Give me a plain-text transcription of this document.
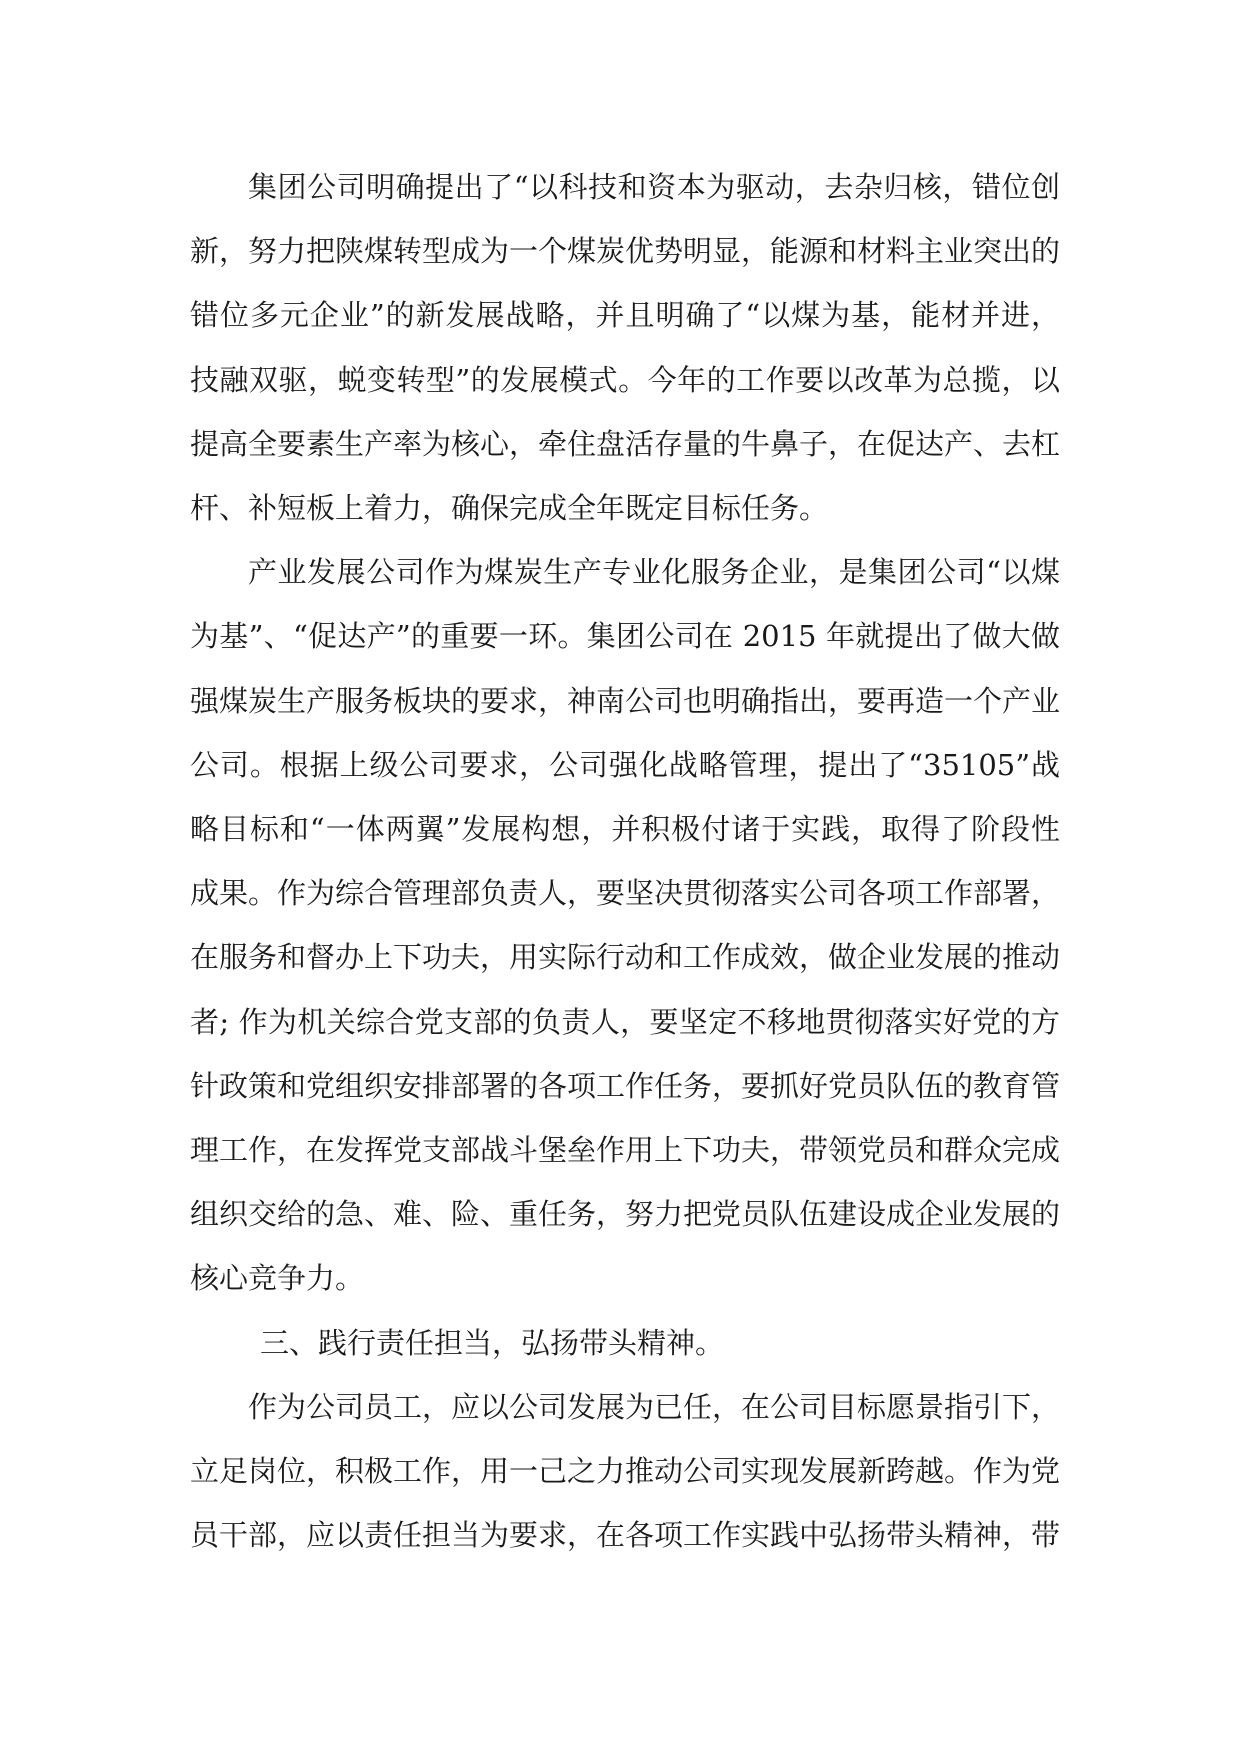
集团公司明确提出了“以科技和资本为驱动，去杂归核，错位创新，努力把陕煤转型成为一个煤炭优势明显，能源和材料主业突出的错位多元企业”的新发展战略，并且明确了“以煤为基，能材并进，技融双驱，蜕变转型”的发展模式。今年的工作要以改革为总揽，以提高全要素生产率为核心，牵住盘活存量的牛鼻子，在促达产、去杠杆、补短板上着力，确保完成全年既定目标任务。

产业发展公司作为煤炭生产专业化服务企业，是集团公司“以煤为基”、“促达产”的重要一环。集团公司在 2015 年就提出了做大做强煤炭生产服务板块的要求，神南公司也明确指出，要再造一个产业公司。根据上级公司要求，公司强化战略管理，提出了“35105”战略目标和“一体两翼”发展构想，并积极付诸于实践，取得了阶段性成果。作为综合管理部负责人，要坚决贯彻落实公司各项工作部署，在服务和督办上下功夫，用实际行动和工作成效，做企业发展的推动者; 作为机关综合党支部的负责人，要坚定不移地贯彻落实好党的方针政策和党组织安排部署的各项工作任务，要抓好党员队伍的教育管理工作，在发挥党支部战斗堡垒作用上下功夫，带领党员和群众完成组织交给的急、难、险、重任务，努力把党员队伍建设成企业发展的核心竞争力。

三、践行责任担当，弘扬带头精神。

作为公司员工，应以公司发展为已任，在公司目标愿景指引下，立足岗位，积极工作，用一己之力推动公司实现发展新跨越。作为党员干部，应以责任担当为要求，在各项工作实践中弘扬带头精神，带
